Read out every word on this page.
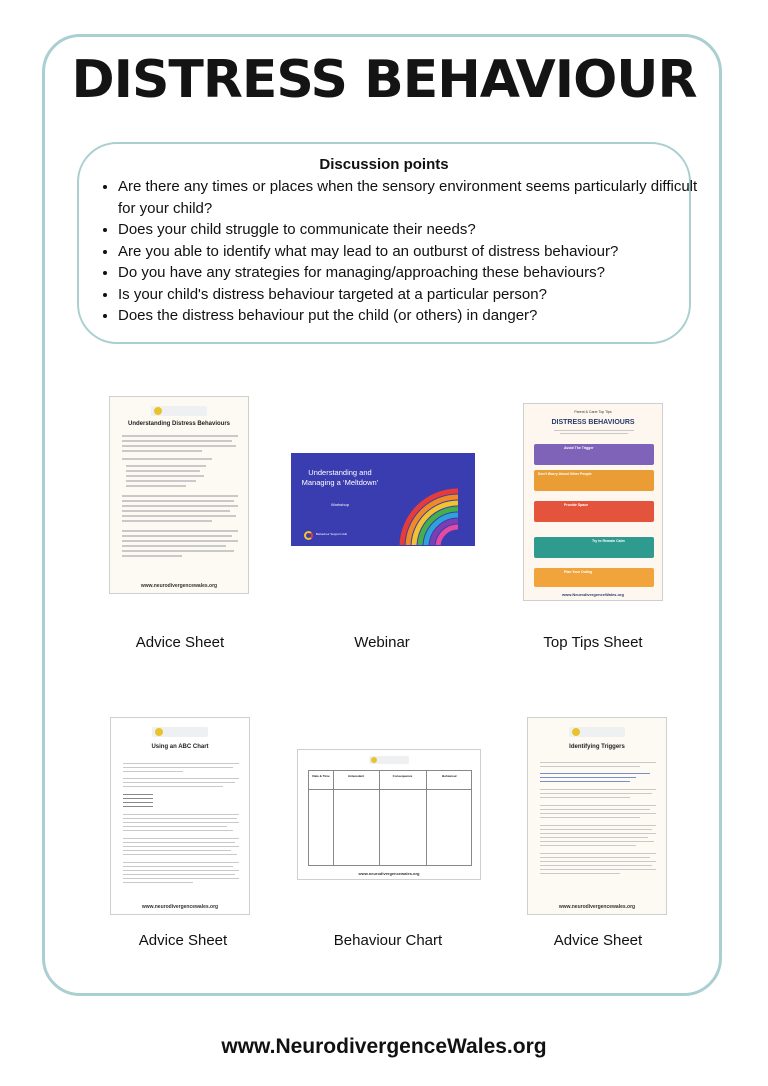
DISTRESS BEHAVIOUR
Discussion points
• Are there any times or places when the sensory environment seems particularly difficult for your child?
• Does your child struggle to communicate their needs?
• Are you able to identify what may lead to an outburst of distress behaviour?
• Do you have any strategies for managing/approaching these behaviours?
• Is your child's distress behaviour targeted at a particular person?
• Does the distress behaviour put the child (or others) in danger?
Understanding Distress Behaviours
www.neurodivergencewales.org
Advice Sheet
Understanding and Managing a ‘Meltdown’
Workshop
Behaviour Support Hub
Webinar
Parent & Carer Top Tips
DISTRESS BEHAVIOURS
Avoid The Trigger
Don't Worry About Other People
Provide Space
Try to Remain Calm
Plan Your Outing
www.NeurodivergenceWales.org
Top Tips Sheet
Using an ABC Chart
www.neurodivergencewales.org
Advice Sheet
Date & Time	Antecedent	Consequence	Behaviour
www.neurodivergencewales.org
Behaviour Chart
Identifying Triggers
www.neurodivergencewales.org
Advice Sheet
www.NeurodivergenceWales.org
